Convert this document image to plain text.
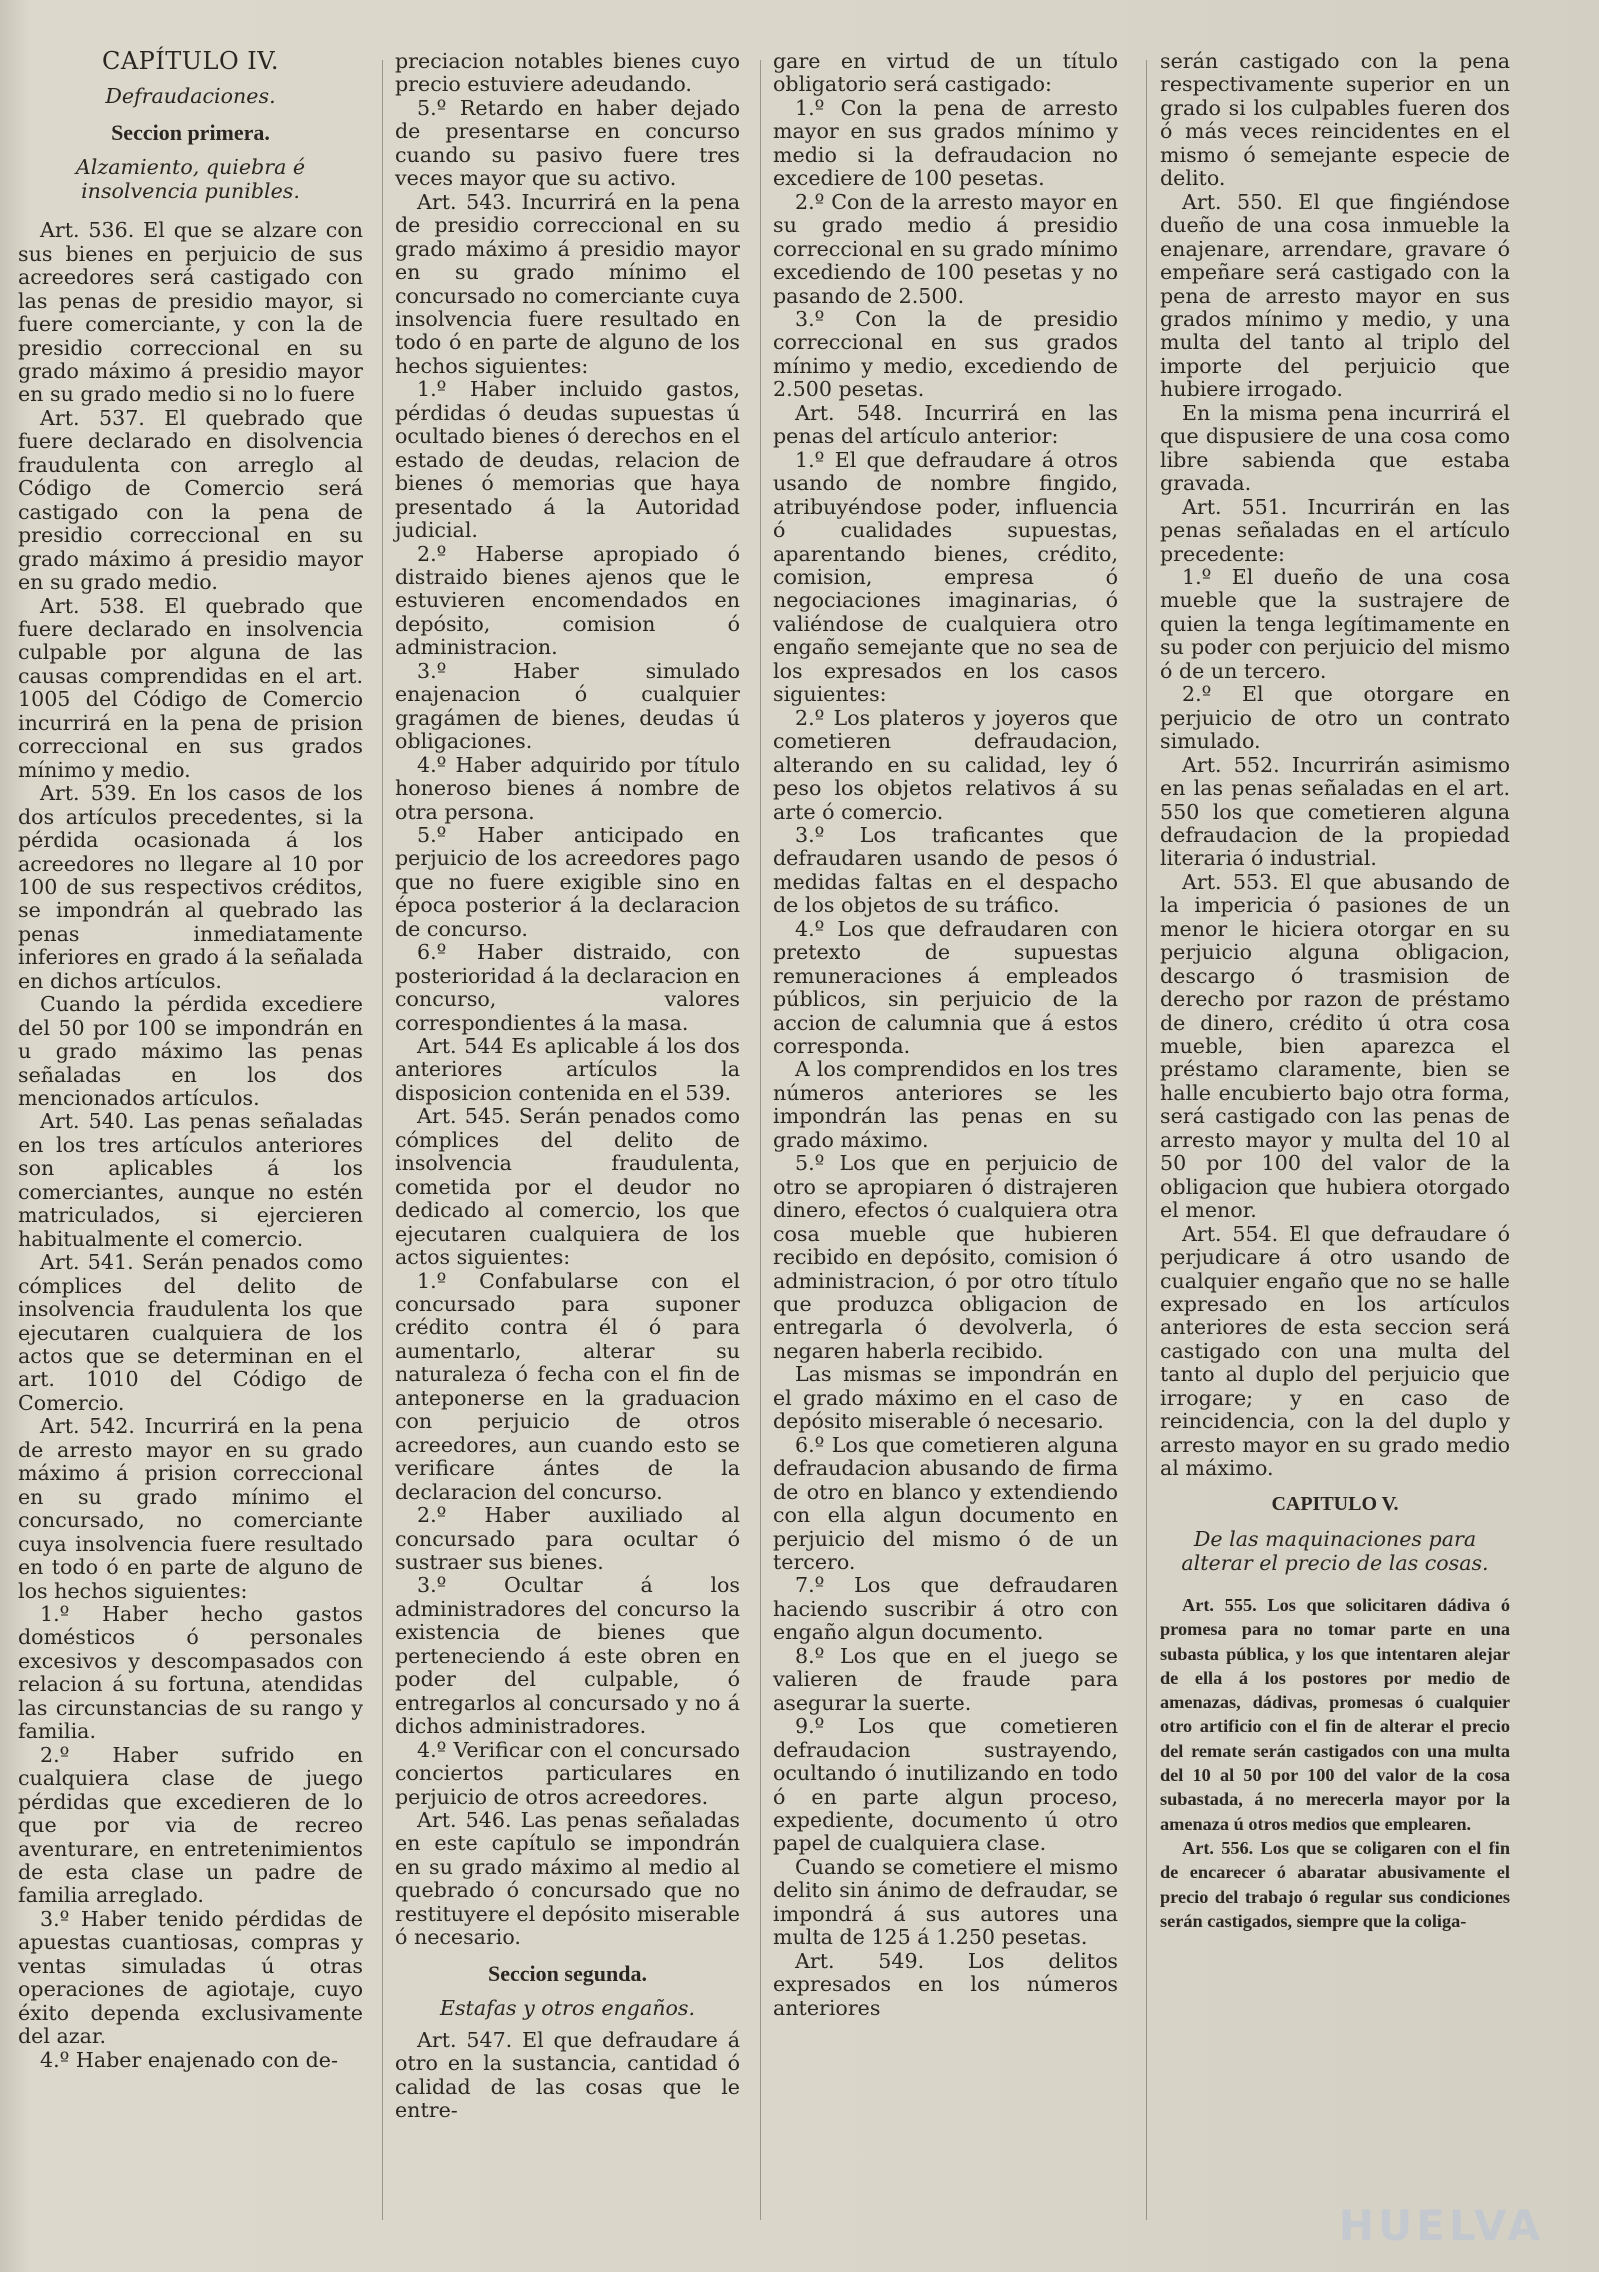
CAPÍTULO IV.

Defraudaciones.

Seccion primera.

Alzamiento, quiebra é insolvencia punibles.

Art. 536. El que se alzare con sus bienes en perjuicio de sus acreedores será castigado con las penas de presidio mayor, si fuere comerciante, y con la de presidio correccional en su grado máximo á presidio mayor en su grado medio si no lo fuere

Art. 537. El quebrado que fuere declarado en disolvencia fraudulenta con arreglo al Código de Comercio será castigado con la pena de presidio correccional en su grado máximo á presidio mayor en su grado medio.

Art. 538. El quebrado que fuere declarado en insolvencia culpable por alguna de las causas comprendidas en el art. 1005 del Código de Comercio incurrirá en la pena de prision correccional en sus grados mínimo y medio.

Art. 539. En los casos de los dos artículos precedentes, si la pérdida ocasionada á los acreedores no llegare al 10 por 100 de sus respectivos créditos, se impondrán al quebrado las penas inmediatamente inferiores en grado á la señalada en dichos artículos.

Cuando la pérdida excediere del 50 por 100 se impondrán en u grado máximo las penas señaladas en los dos mencionados artículos.

Art. 540. Las penas señaladas en los tres artículos anteriores son aplicables á los comerciantes, aunque no estén matriculados, si ejercieren habitualmente el comercio.

Art. 541. Serán penados como cómplices del delito de insolvencia fraudulenta los que ejecutaren cualquiera de los actos que se determinan en el art. 1010 del Código de Comercio.

Art. 542. Incurrirá en la pena de arresto mayor en su grado máximo á prision correccional en su grado mínimo el concursado, no comerciante cuya insolvencia fuere resultado en todo ó en parte de alguno de los hechos siguientes:

1.º Haber hecho gastos domésticos ó personales excesivos y descompasados con relacion á su fortuna, atendidas las circunstancias de su rango y familia.

2.º Haber sufrido en cualquiera clase de juego pérdidas que excedieren de lo que por via de recreo aventurare, en entretenimientos de esta clase un padre de familia arreglado.

3.º Haber tenido pérdidas de apuestas cuantiosas, compras y ventas simuladas ú otras operaciones de agiotaje, cuyo éxito dependa exclusivamente del azar.

4.º Haber enajenado con de-

preciacion notables bienes cuyo precio estuviere adeudando.

5.º Retardo en haber dejado de presentarse en concurso cuando su pasivo fuere tres veces mayor que su activo.

Art. 543. Incurrirá en la pena de presidio correccional en su grado máximo á presidio mayor en su grado mínimo el concursado no comerciante cuya insolvencia fuere resultado en todo ó en parte de alguno de los hechos siguientes:

1.º Haber incluido gastos, pérdidas ó deudas supuestas ú ocultado bienes ó derechos en el estado de deudas, relacion de bienes ó memorias que haya presentado á la Autoridad judicial.

2.º Haberse apropiado ó distraido bienes ajenos que le estuvieren encomendados en depósito, comision ó administracion.

3.º Haber simulado enajenacion ó cualquier gragámen de bienes, deudas ú obligaciones.

4.º Haber adquirido por título honeroso bienes á nombre de otra persona.

5.º Haber anticipado en perjuicio de los acreedores pago que no fuere exigible sino en época posterior á la declaracion de concurso.

6.º Haber distraido, con posterioridad á la declaracion en concurso, valores correspondientes á la masa.

Art. 544 Es aplicable á los dos anteriores artículos la disposicion contenida en el 539.

Art. 545. Serán penados como cómplices del delito de insolvencia fraudulenta, cometida por el deudor no dedicado al comercio, los que ejecutaren cualquiera de los actos siguientes:

1.º Confabularse con el concursado para suponer crédito contra él ó para aumentarlo, alterar su naturaleza ó fecha con el fin de anteponerse en la graduacion con perjuicio de otros acreedores, aun cuando esto se verificare ántes de la declaracion del concurso.

2.º Haber auxiliado al concursado para ocultar ó sustraer sus bienes.

3.º Ocultar á los administradores del concurso la existencia de bienes que perteneciendo á este obren en poder del culpable, ó entregarlos al concursado y no á dichos administradores.

4.º Verificar con el concursado conciertos particulares en perjuicio de otros acreedores.

Art. 546. Las penas señaladas en este capítulo se impondrán en su grado máximo al medio al quebrado ó concursado que no restituyere el depósito miserable ó necesario.

Seccion segunda.

Estafas y otros engaños.

Art. 547. El que defraudare á otro en la sustancia, cantidad ó calidad de las cosas que le entre-

gare en virtud de un título obligatorio será castigado:

1.º Con la pena de arresto mayor en sus grados mínimo y medio si la defraudacion no excediere de 100 pesetas.

2.º Con de la arresto mayor en su grado medio á presidio correccional en su grado mínimo excediendo de 100 pesetas y no pasando de 2.500.

3.º Con la de presidio correccional en sus grados mínimo y medio, excediendo de 2.500 pesetas.

Art. 548. Incurrirá en las penas del artículo anterior:

1.º El que defraudare á otros usando de nombre fingido, atribuyéndose poder, influencia ó cualidades supuestas, aparentando bienes, crédito, comision, empresa ó negociaciones imaginarias, ó valiéndose de cualquiera otro engaño semejante que no sea de los expresados en los casos siguientes:

2.º Los plateros y joyeros que cometieren defraudacion, alterando en su calidad, ley ó peso los objetos relativos á su arte ó comercio.

3.º Los traficantes que defraudaren usando de pesos ó medidas faltas en el despacho de los objetos de su tráfico.

4.º Los que defraudaren con pretexto de supuestas remuneraciones á empleados públicos, sin perjuicio de la accion de calumnia que á estos corresponda.

A los comprendidos en los tres números anteriores se les impondrán las penas en su grado máximo.

5.º Los que en perjuicio de otro se apropiaren ó distrajeren dinero, efectos ó cualquiera otra cosa mueble que hubieren recibido en depósito, comision ó administracion, ó por otro título que produzca obligacion de entregarla ó devolverla, ó negaren haberla recibido.

Las mismas se impondrán en el grado máximo en el caso de depósito miserable ó necesario.

6.º Los que cometieren alguna defraudacion abusando de firma de otro en blanco y extendiendo con ella algun documento en perjuicio del mismo ó de un tercero.

7.º Los que defraudaren haciendo suscribir á otro con engaño algun documento.

8.º Los que en el juego se valieren de fraude para asegurar la suerte.

9.º Los que cometieren defraudacion sustrayendo, ocultando ó inutilizando en todo ó en parte algun proceso, expediente, documento ú otro papel de cualquiera clase.

Cuando se cometiere el mismo delito sin ánimo de defraudar, se impondrá á sus autores una multa de 125 á 1.250 pesetas.

Art. 549. Los delitos expresados en los números anteriores

serán castigado con la pena respectivamente superior en un grado si los culpables fueren dos ó más veces reincidentes en el mismo ó semejante especie de delito.

Art. 550. El que fingiéndose dueño de una cosa inmueble la enajenare, arrendare, gravare ó empeñare será castigado con la pena de arresto mayor en sus grados mínimo y medio, y una multa del tanto al triplo del importe del perjuicio que hubiere irrogado.

En la misma pena incurrirá el que dispusiere de una cosa como libre sabienda que estaba gravada.

Art. 551. Incurrirán en las penas señaladas en el artículo precedente:

1.º El dueño de una cosa mueble que la sustrajere de quien la tenga legítimamente en su poder con perjuicio del mismo ó de un tercero.

2.º El que otorgare en perjuicio de otro un contrato simulado.

Art. 552. Incurrirán asimismo en las penas señaladas en el art. 550 los que cometieren alguna defraudacion de la propiedad literaria ó industrial.

Art. 553. El que abusando de la impericia ó pasiones de un menor le hiciera otorgar en su perjuicio alguna obligacion, descargo ó trasmision de derecho por razon de préstamo de dinero, crédito ú otra cosa mueble, bien aparezca el préstamo claramente, bien se halle encubierto bajo otra forma, será castigado con las penas de arresto mayor y multa del 10 al 50 por 100 del valor de la obligacion que hubiera otorgado el menor.

Art. 554. El que defraudare ó perjudicare á otro usando de cualquier engaño que no se halle expresado en los artículos anteriores de esta seccion será castigado con una multa del tanto al duplo del perjuicio que irrogare; y en caso de reincidencia, con la del duplo y arresto mayor en su grado medio al máximo.

CAPITULO V.

De las maquinaciones para alterar el precio de las cosas.

Art. 555. Los que solicitaren dádiva ó promesa para no tomar parte en una subasta pública, y los que intentaren alejar de ella á los postores por medio de amenazas, dádivas, promesas ó cualquier otro artificio con el fin de alterar el precio del remate serán castigados con una multa del 10 al 50 por 100 del valor de la cosa subastada, á no merecerla mayor por la amenaza ú otros medios que emplearen.

Art. 556. Los que se coligaren con el fin de encarecer ó abaratar abusivamente el precio del trabajo ó regular sus condiciones serán castigados, siempre que la coliga-

HUELVA
